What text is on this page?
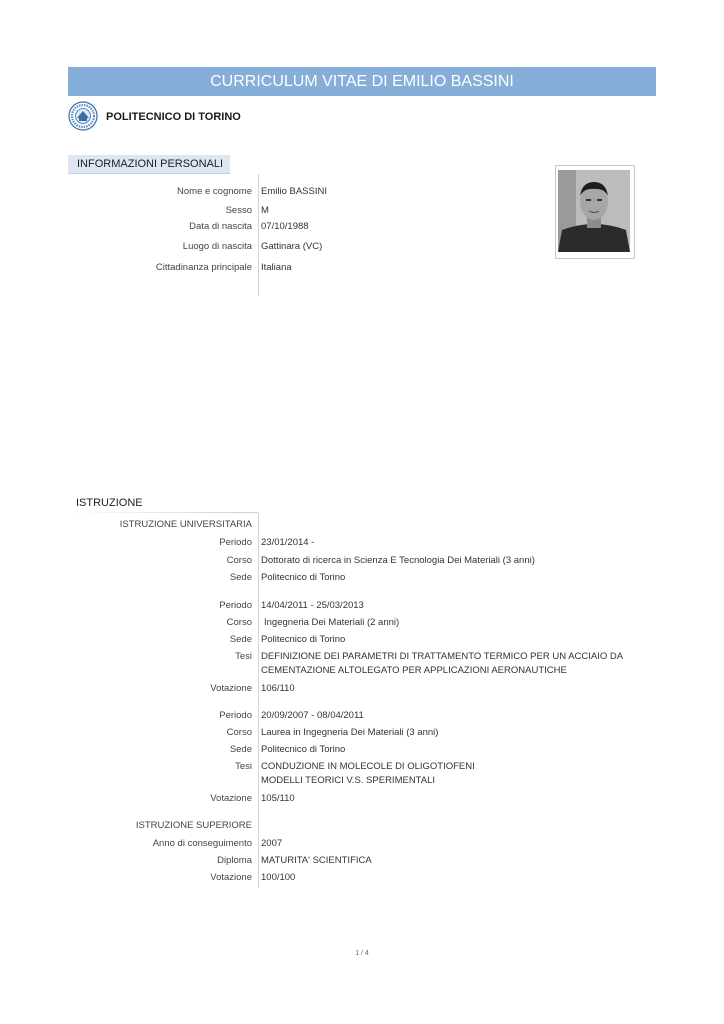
CURRICULUM VITAE DI EMILIO BASSINI
POLITECNICO DI TORINO
INFORMAZIONI PERSONALI
Nome e cognome Emilio BASSINI
Sesso M
Data di nascita 07/10/1988
Luogo di nascita Gattinara (VC)
Cittadinanza principale Italiana
ISTRUZIONE
ISTRUZIONE UNIVERSITARIA
Periodo 23/01/2014 -
Corso Dottorato di ricerca in Scienza E Tecnologia Dei Materiali (3 anni)
Sede Politecnico di Torino
Periodo 14/04/2011 - 25/03/2013
Corso Ingegneria Dei Materiali (2 anni)
Sede Politecnico di Torino
Tesi DEFINIZIONE DEI PARAMETRI DI TRATTAMENTO TERMICO PER UN ACCIAIO DA
CEMENTAZIONE ALTOLEGATO PER APPLICAZIONI AERONAUTICHE
Votazione 106/110
Periodo 20/09/2007 - 08/04/2011
Corso Laurea in Ingegneria Dei Materiali (3 anni)
Sede Politecnico di Torino
Tesi CONDUZIONE IN MOLECOLE DI OLIGOTIOFENI
MODELLI TEORICI V.S. SPERIMENTALI
Votazione 105/110
ISTRUZIONE SUPERIORE
Anno di conseguimento 2007
Diploma MATURITA' SCIENTIFICA
Votazione 100/100
1 / 4
